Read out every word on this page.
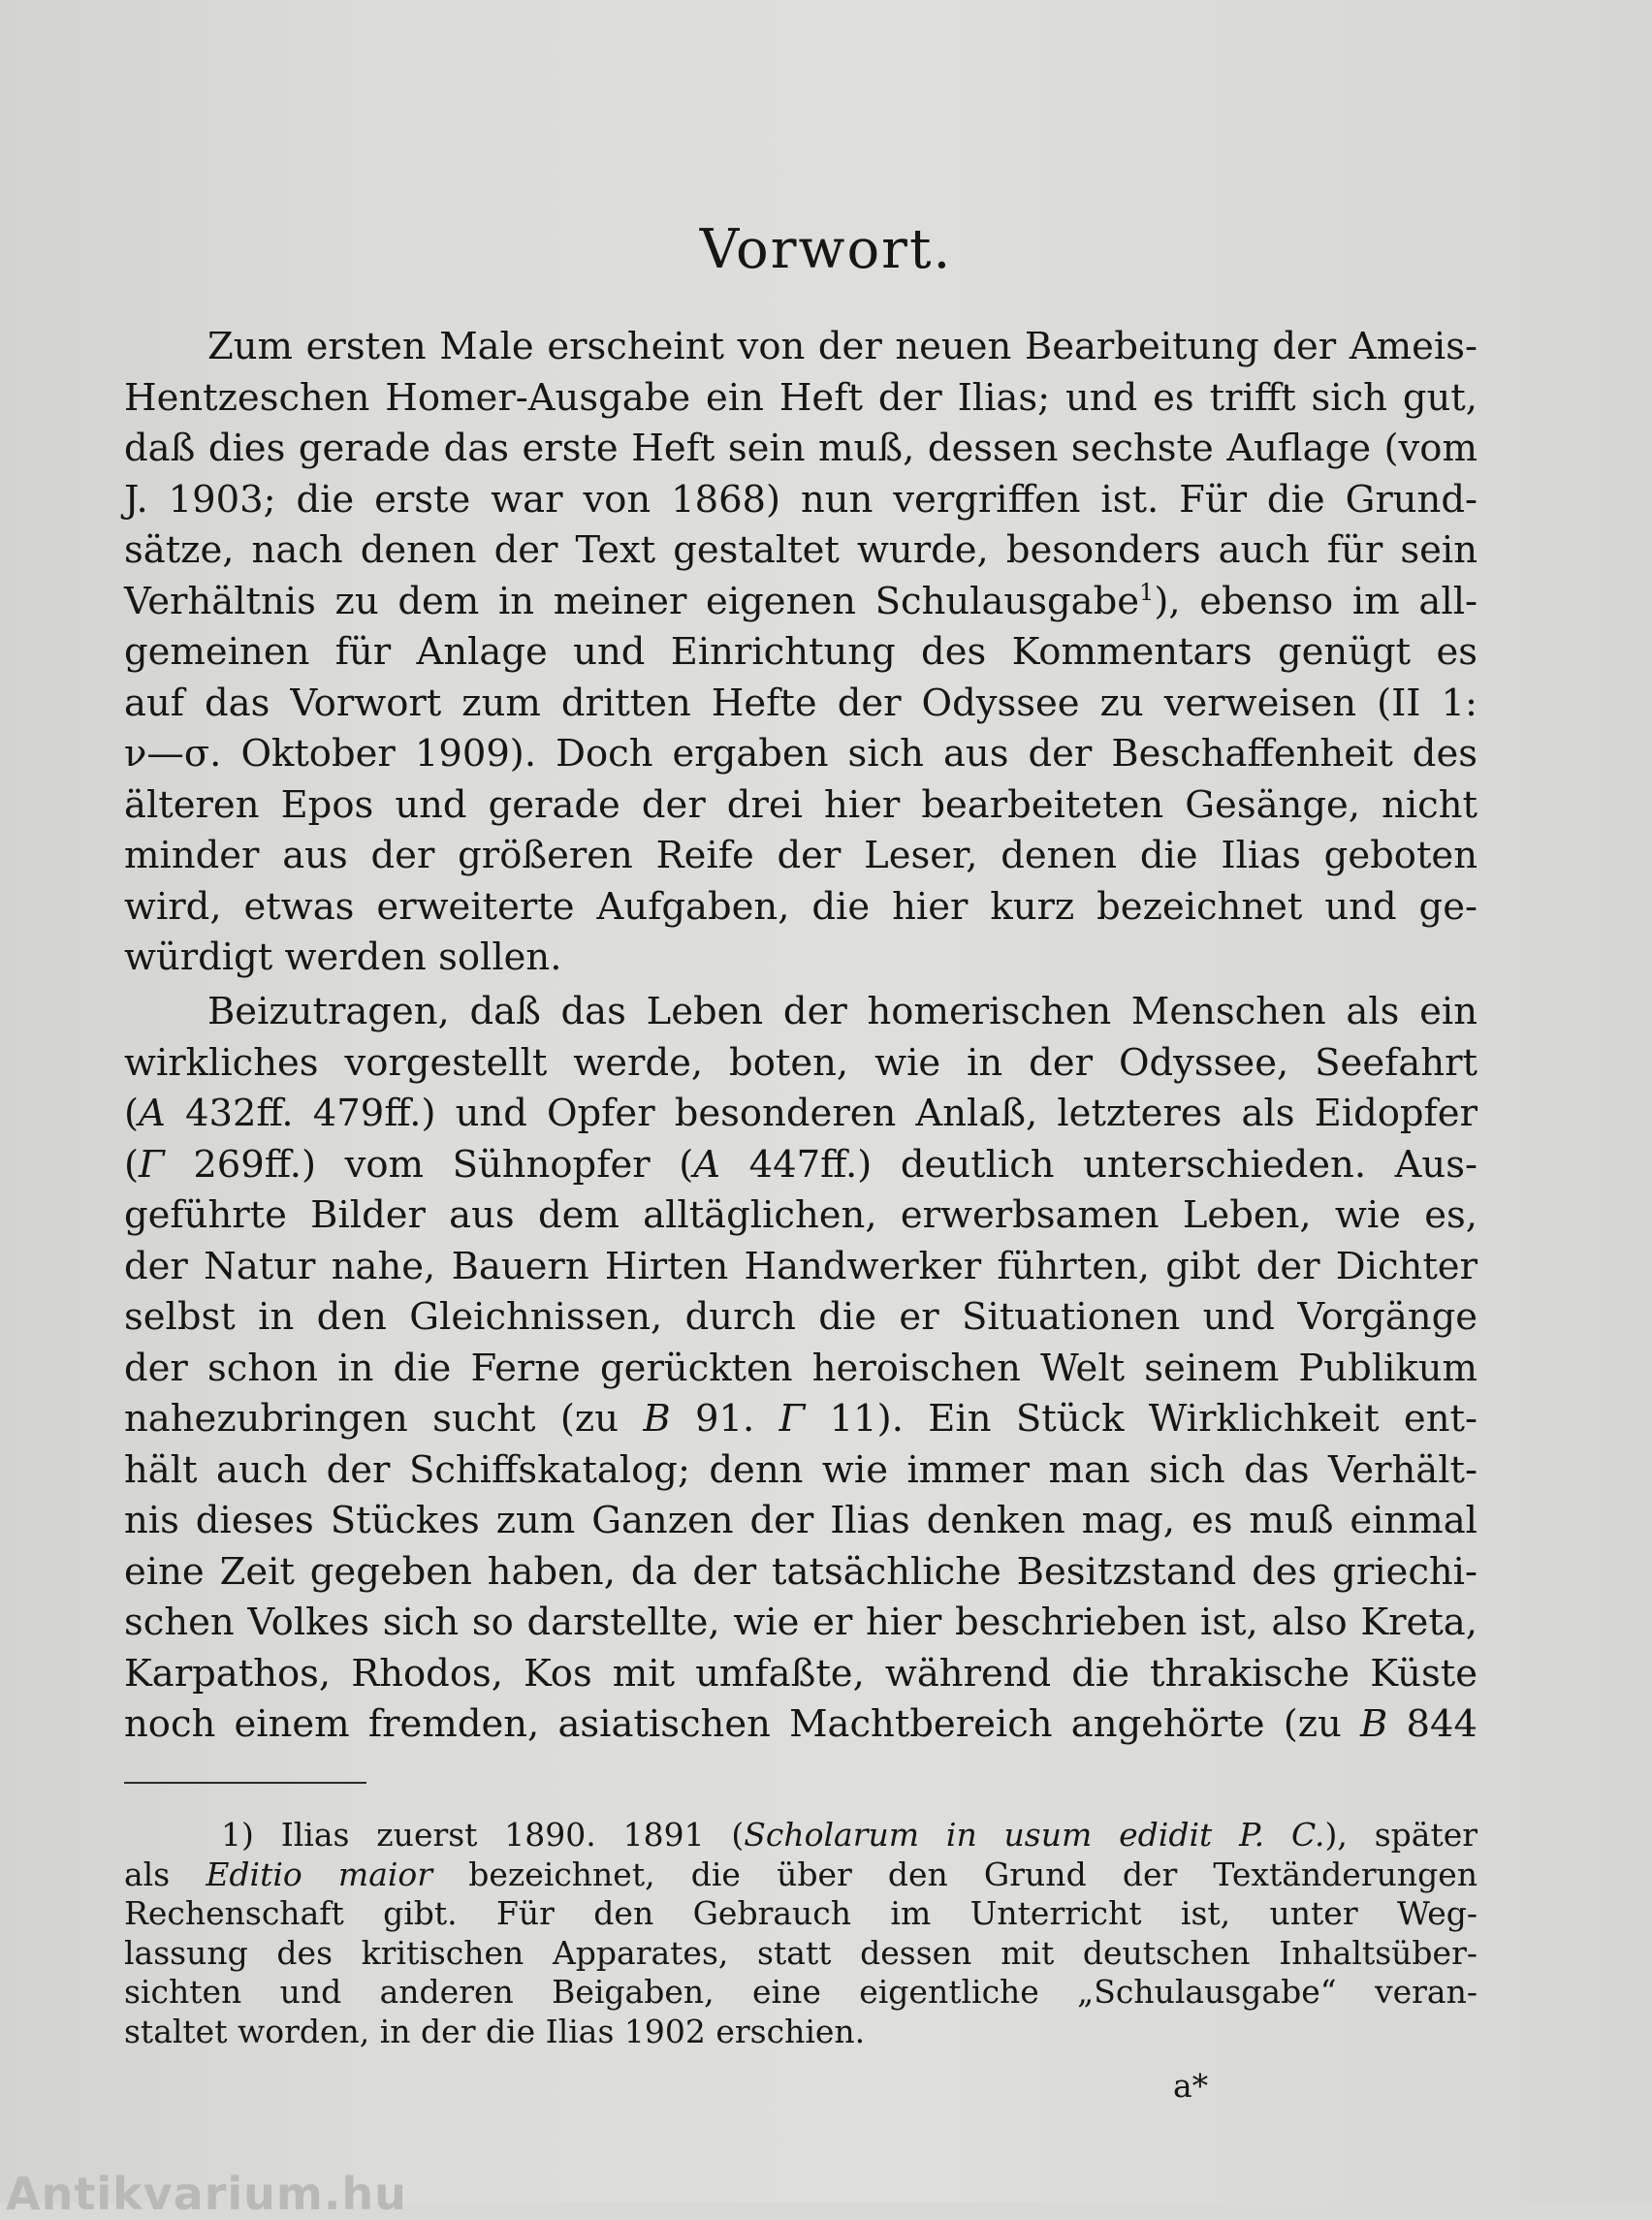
Vorwort.
Zum ersten Male erscheint von der neuen Bearbeitung der Ameis-
Hentzeschen Homer-Ausgabe ein Heft der Ilias; und es trifft sich gut,
daß dies gerade das erste Heft sein muß, dessen sechste Auflage (vom
J. 1903; die erste war von 1868) nun vergriffen ist. Für die Grund-
sätze, nach denen der Text gestaltet wurde, besonders auch für sein
Verhältnis zu dem in meiner eigenen Schulausgabe$^1$), ebenso im all-
gemeinen für Anlage und Einrichtung des Kommentars genügt es
auf das Vorwort zum dritten Hefte der Odyssee zu verweisen (II 1:
ν—σ. Oktober 1909). Doch ergaben sich aus der Beschaffenheit des
älteren Epos und gerade der drei hier bearbeiteten Gesänge, nicht
minder aus der größeren Reife der Leser, denen die Ilias geboten
wird, etwas erweiterte Aufgaben, die hier kurz bezeichnet und ge-
würdigt werden sollen.
Beizutragen, daß das Leben der homerischen Menschen als ein
wirkliches vorgestellt werde, boten, wie in der Odyssee, Seefahrt
(A 432ff. 479ff.) und Opfer besonderen Anlaß, letzteres als Eidopfer
(Γ 269ff.) vom Sühnopfer (A 447ff.) deutlich unterschieden. Aus-
geführte Bilder aus dem alltäglichen, erwerbsamen Leben, wie es,
der Natur nahe, Bauern Hirten Handwerker führten, gibt der Dichter
selbst in den Gleichnissen, durch die er Situationen und Vorgänge
der schon in die Ferne gerückten heroischen Welt seinem Publikum
nahezubringen sucht (zu B 91. Γ 11). Ein Stück Wirklichkeit ent-
hält auch der Schiffskatalog; denn wie immer man sich das Verhält-
nis dieses Stückes zum Ganzen der Ilias denken mag, es muß einmal
eine Zeit gegeben haben, da der tatsächliche Besitzstand des griechi-
schen Volkes sich so darstellte, wie er hier beschrieben ist, also Kreta,
Karpathos, Rhodos, Kos mit umfaßte, während die thrakische Küste
noch einem fremden, asiatischen Machtbereich angehörte (zu B 844
1) Ilias zuerst 1890. 1891 (Scholarum in usum edidit P. C.), später
als Editio maior bezeichnet, die über den Grund der Textänderungen
Rechenschaft gibt. Für den Gebrauch im Unterricht ist, unter Weg-
lassung des kritischen Apparates, statt dessen mit deutschen Inhaltsüber-
sichten und anderen Beigaben, eine eigentliche „Schulausgabe“ veran-
staltet worden, in der die Ilias 1902 erschien.
a*
Antikvarium.hu
